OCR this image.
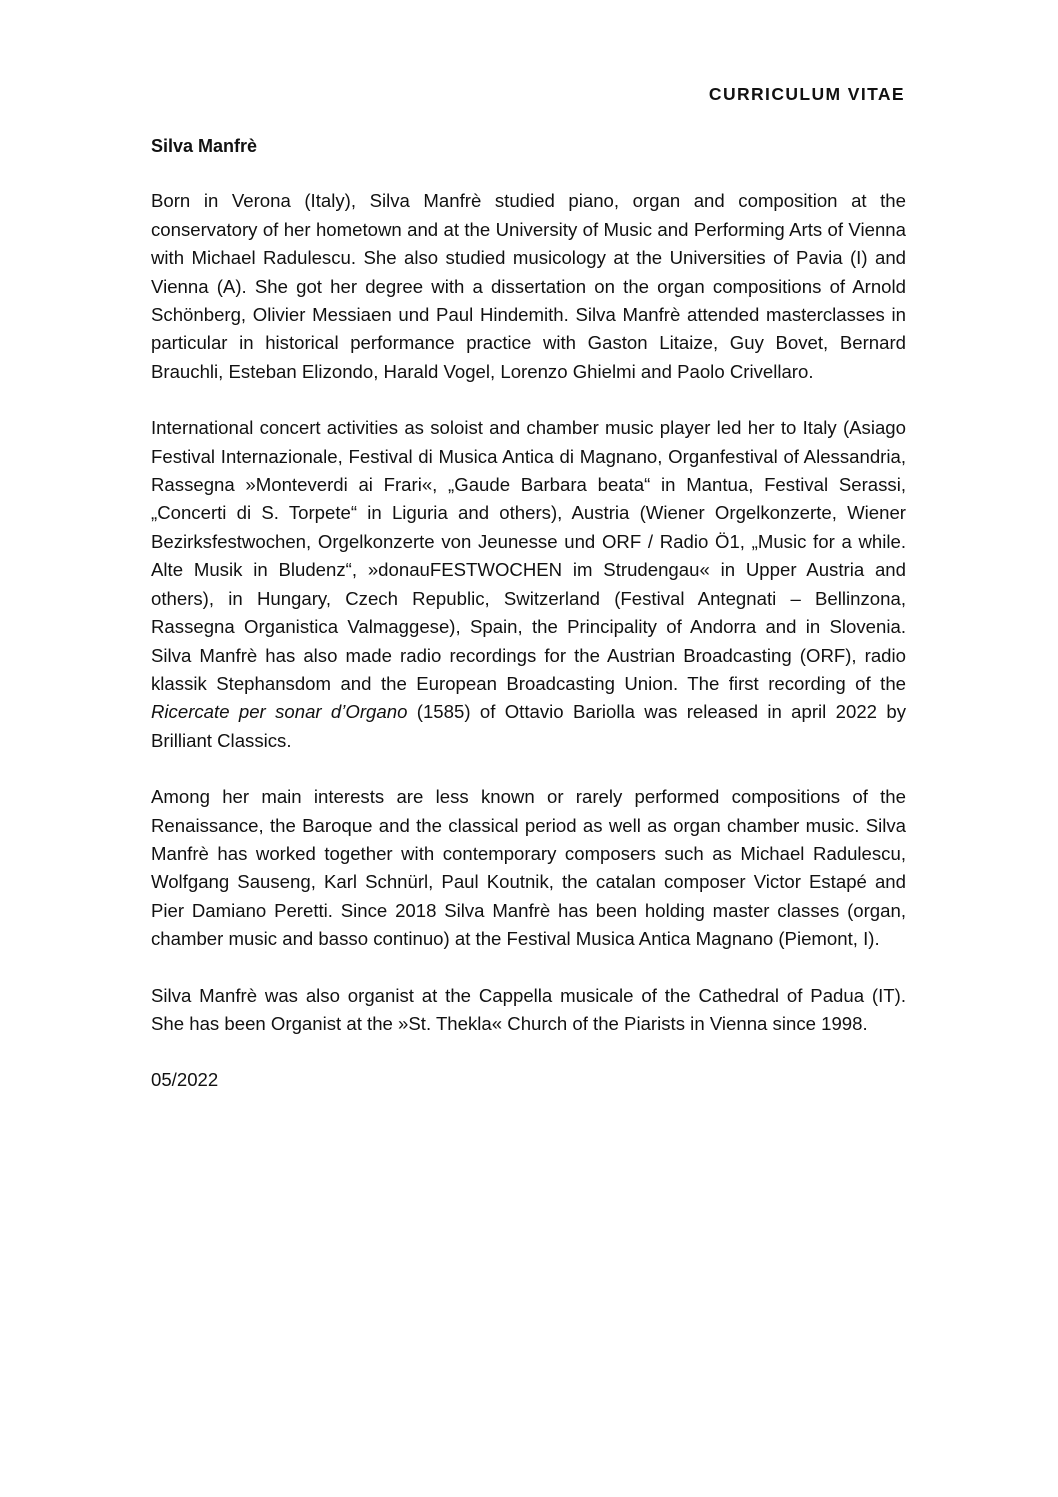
CURRICULUM VITAE

Silva Manfrè

Born in Verona (Italy), Silva Manfrè studied piano, organ and composition at the conservatory of her hometown and at the University of Music and Performing Arts of Vienna with Michael Radulescu. She also studied musicology at the Universities of Pavia (I) and Vienna (A). She got her degree with a dissertation on the organ compositions of Arnold Schönberg, Olivier Messiaen und Paul Hindemith. Silva Manfrè attended masterclasses in particular in historical performance practice with Gaston Litaize, Guy Bovet, Bernard Brauchli, Esteban Elizondo, Harald Vogel, Lorenzo Ghielmi and Paolo Crivellaro.

International concert activities as soloist and chamber music player led her to Italy (Asiago Festival Internazionale, Festival di Musica Antica di Magnano, Organfestival of Alessandria, Rassegna »Monteverdi ai Frari«, „Gaude Barbara beata“ in Mantua, Festival Serassi, „Concerti di S. Torpete“ in Liguria and others), Austria (Wiener Orgelkonzerte, Wiener Bezirksfestwochen, Orgelkonzerte von Jeunesse und ORF / Radio Ö1, „Music for a while. Alte Musik in Bludenz“, »donauFESTWOCHEN im Strudengau« in Upper Austria and others), in Hungary, Czech Republic, Switzerland (Festival Antegnati – Bellinzona, Rassegna Organistica Valmaggese), Spain, the Principality of Andorra and in Slovenia. Silva Manfrè has also made radio recordings for the Austrian Broadcasting (ORF), radio klassik Stephansdom and the European Broadcasting Union. The first recording of the Ricercate per sonar d’Organo (1585) of Ottavio Bariolla was released in april 2022 by Brilliant Classics.

Among her main interests are less known or rarely performed compositions of the Renaissance, the Baroque and the classical period as well as organ chamber music. Silva Manfrè has worked together with contemporary composers such as Michael Radulescu, Wolfgang Sauseng, Karl Schnürl, Paul Koutnik, the catalan composer Victor Estapé and Pier Damiano Peretti. Since 2018 Silva Manfrè has been holding master classes (organ, chamber music and basso continuo) at the Festival Musica Antica Magnano (Piemont, I).

Silva Manfrè was also organist at the Cappella musicale of the Cathedral of Padua (IT). She has been Organist at the »St. Thekla« Church of the Piarists in Vienna since 1998.

05/2022
